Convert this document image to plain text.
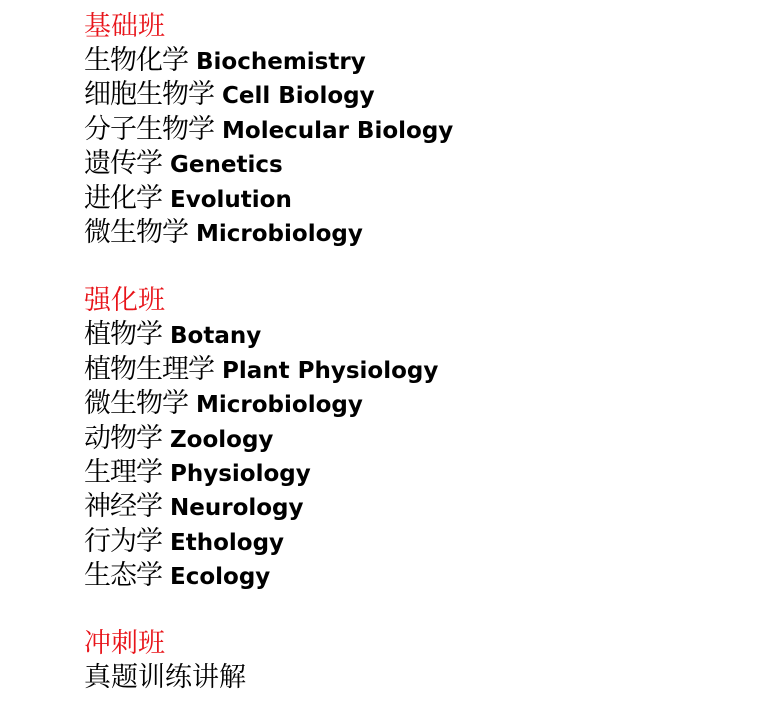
基础班
生物化学 Biochemistry
细胞生物学 Cell Biology
分子生物学 Molecular Biology
遗传学 Genetics
进化学 Evolution
微生物学 Microbiology
强化班
植物学 Botany
植物生理学 Plant Physiology
微生物学 Microbiology
动物学 Zoology
生理学 Physiology
神经学 Neurology
行为学 Ethology
生态学 Ecology
冲刺班
真题训练讲解
